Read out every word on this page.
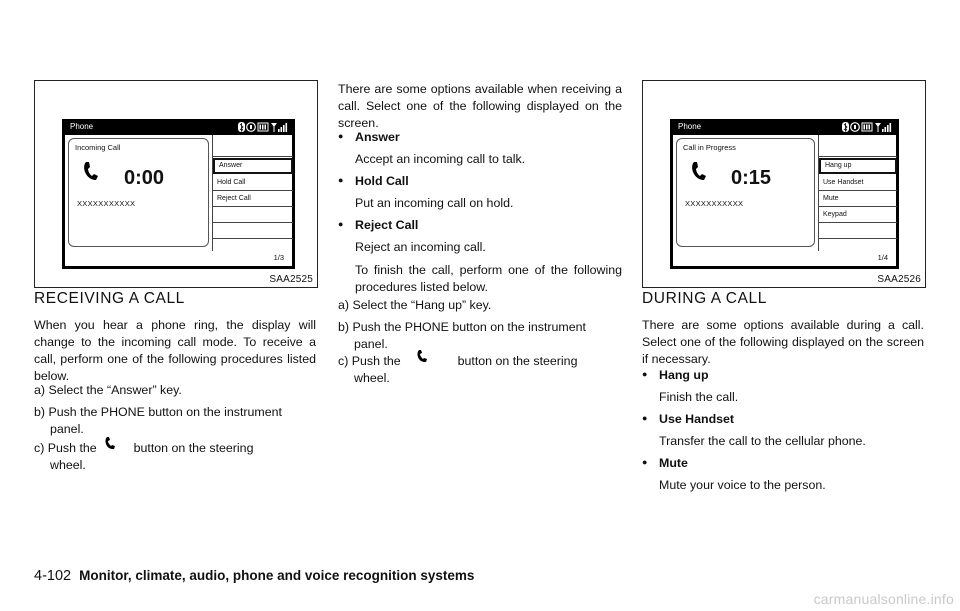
Phone
Incoming Call
0:00
XXXXXXXXXXX
Answer
Hold Call
Reject Call
1/3
SAA2525
RECEIVING A CALL
When you hear a phone ring, the display will change to the incoming call mode. To receive a call, perform one of the following procedures listed below.
a) Select the “Answer” key.
b) Push the PHONE button on the instrument
panel.
c) Push the	button on the steering
wheel.
There are some options available when receiving a call. Select one of the following displayed on the screen.
● Answer
Accept an incoming call to talk.
● Hold Call
Put an incoming call on hold.
● Reject Call
Reject an incoming call.
To finish the call, perform one of the following procedures listed below.
a) Select the “Hang up” key.
b) Push the PHONE button on the instrument
panel.
c) Push the	button on the steering
wheel.
Phone
Call in Progress
0:15
XXXXXXXXXXX
Hang up
Use Handset
Mute
Keypad
1/4
SAA2526
DURING A CALL
There are some options available during a call. Select one of the following displayed on the screen if necessary.
● Hang up
Finish the call.
● Use Handset
Transfer the call to the cellular phone.
● Mute
Mute your voice to the person.
4-102 Monitor, climate, audio, phone and voice recognition systems
carmanualsonline.info
